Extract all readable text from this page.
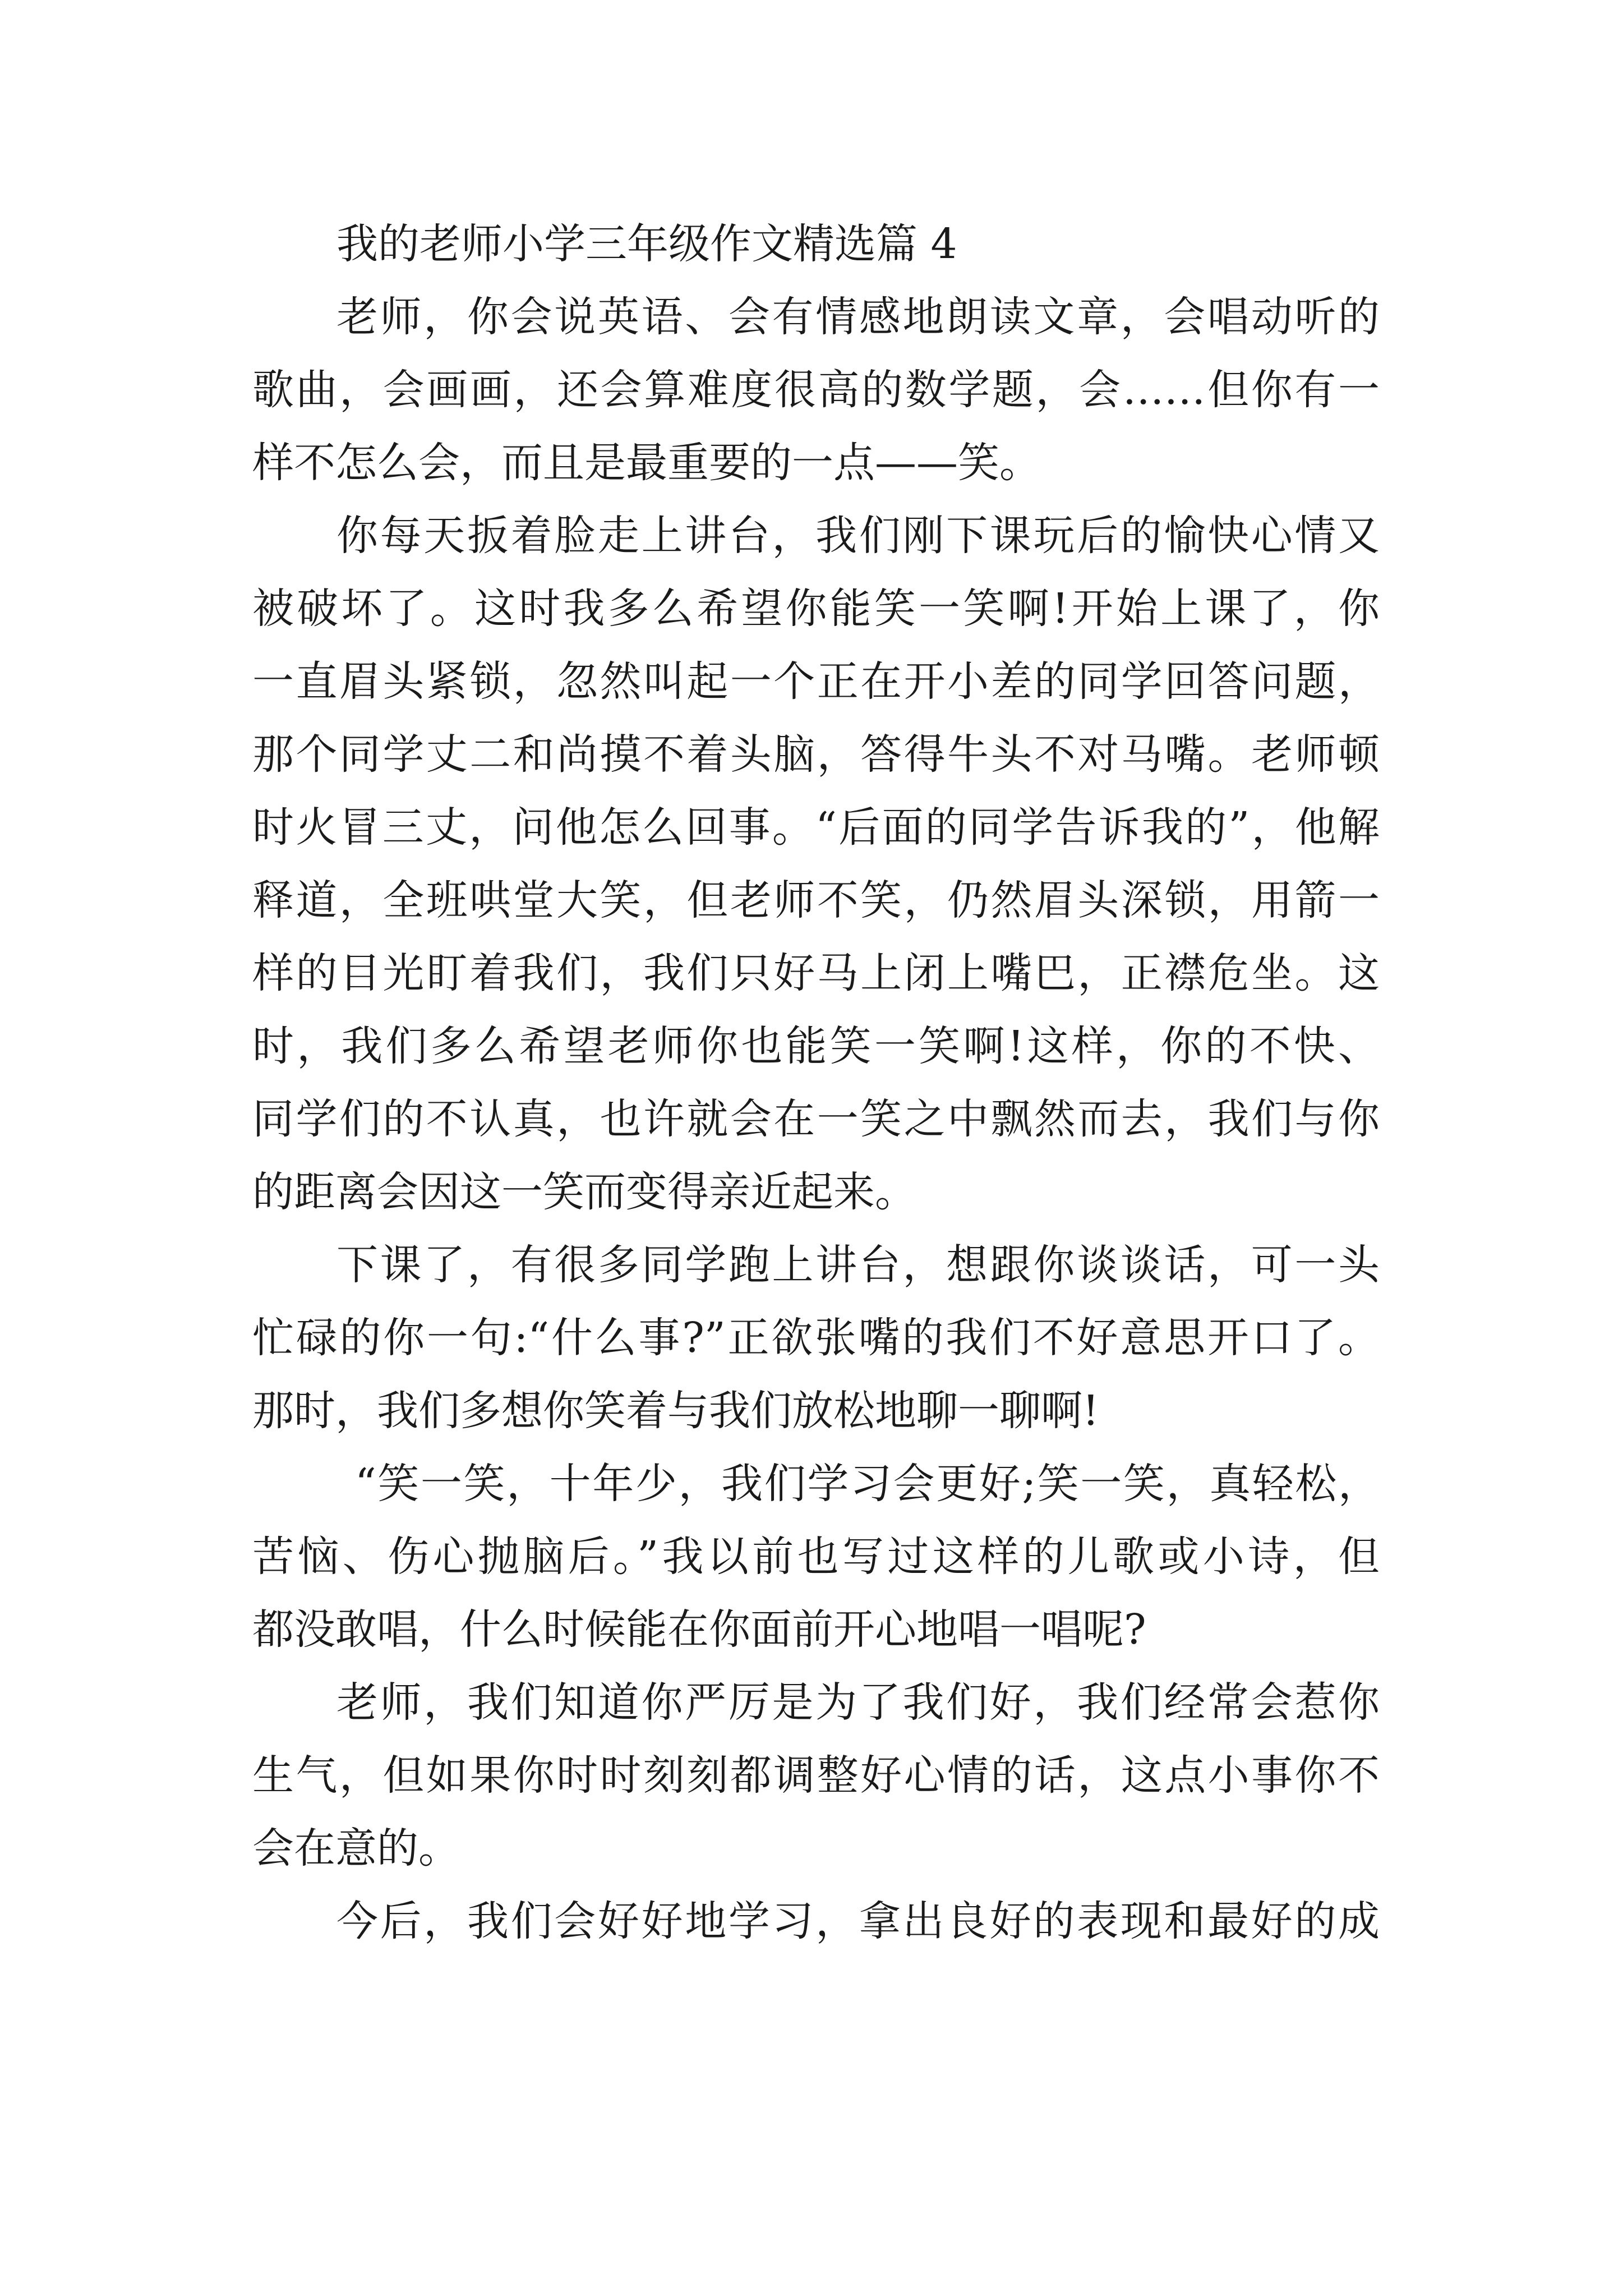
我的老师小学三年级作文精选篇 4
老师，你会说英语、会有情感地朗读文章，会唱动听的
歌曲，会画画，还会算难度很高的数学题，会……但你有一
样不怎么会，而且是最重要的一点——笑。
你每天扳着脸走上讲台，我们刚下课玩后的愉快心情又
被破坏了。这时我多么希望你能笑一笑啊!开始上课了，你
一直眉头紧锁，忽然叫起一个正在开小差的同学回答问题，
那个同学丈二和尚摸不着头脑，答得牛头不对马嘴。老师顿
时火冒三丈，问他怎么回事。“后面的同学告诉我的”，他解
释道，全班哄堂大笑，但老师不笑，仍然眉头深锁，用箭一
样的目光盯着我们，我们只好马上闭上嘴巴，正襟危坐。这
时，我们多么希望老师你也能笑一笑啊!这样，你的不快、
同学们的不认真，也许就会在一笑之中飘然而去，我们与你
的距离会因这一笑而变得亲近起来。
下课了，有很多同学跑上讲台，想跟你谈谈话，可一头
忙碌的你一句:“什么事?”正欲张嘴的我们不好意思开口了。
那时，我们多想你笑着与我们放松地聊一聊啊!
“笑一笑，十年少，我们学习会更好;笑一笑，真轻松，
苦恼、伤心抛脑后。”我以前也写过这样的儿歌或小诗，但
都没敢唱，什么时候能在你面前开心地唱一唱呢?
老师，我们知道你严厉是为了我们好，我们经常会惹你
生气，但如果你时时刻刻都调整好心情的话，这点小事你不
会在意的。
今后，我们会好好地学习，拿出良好的表现和最好的成
